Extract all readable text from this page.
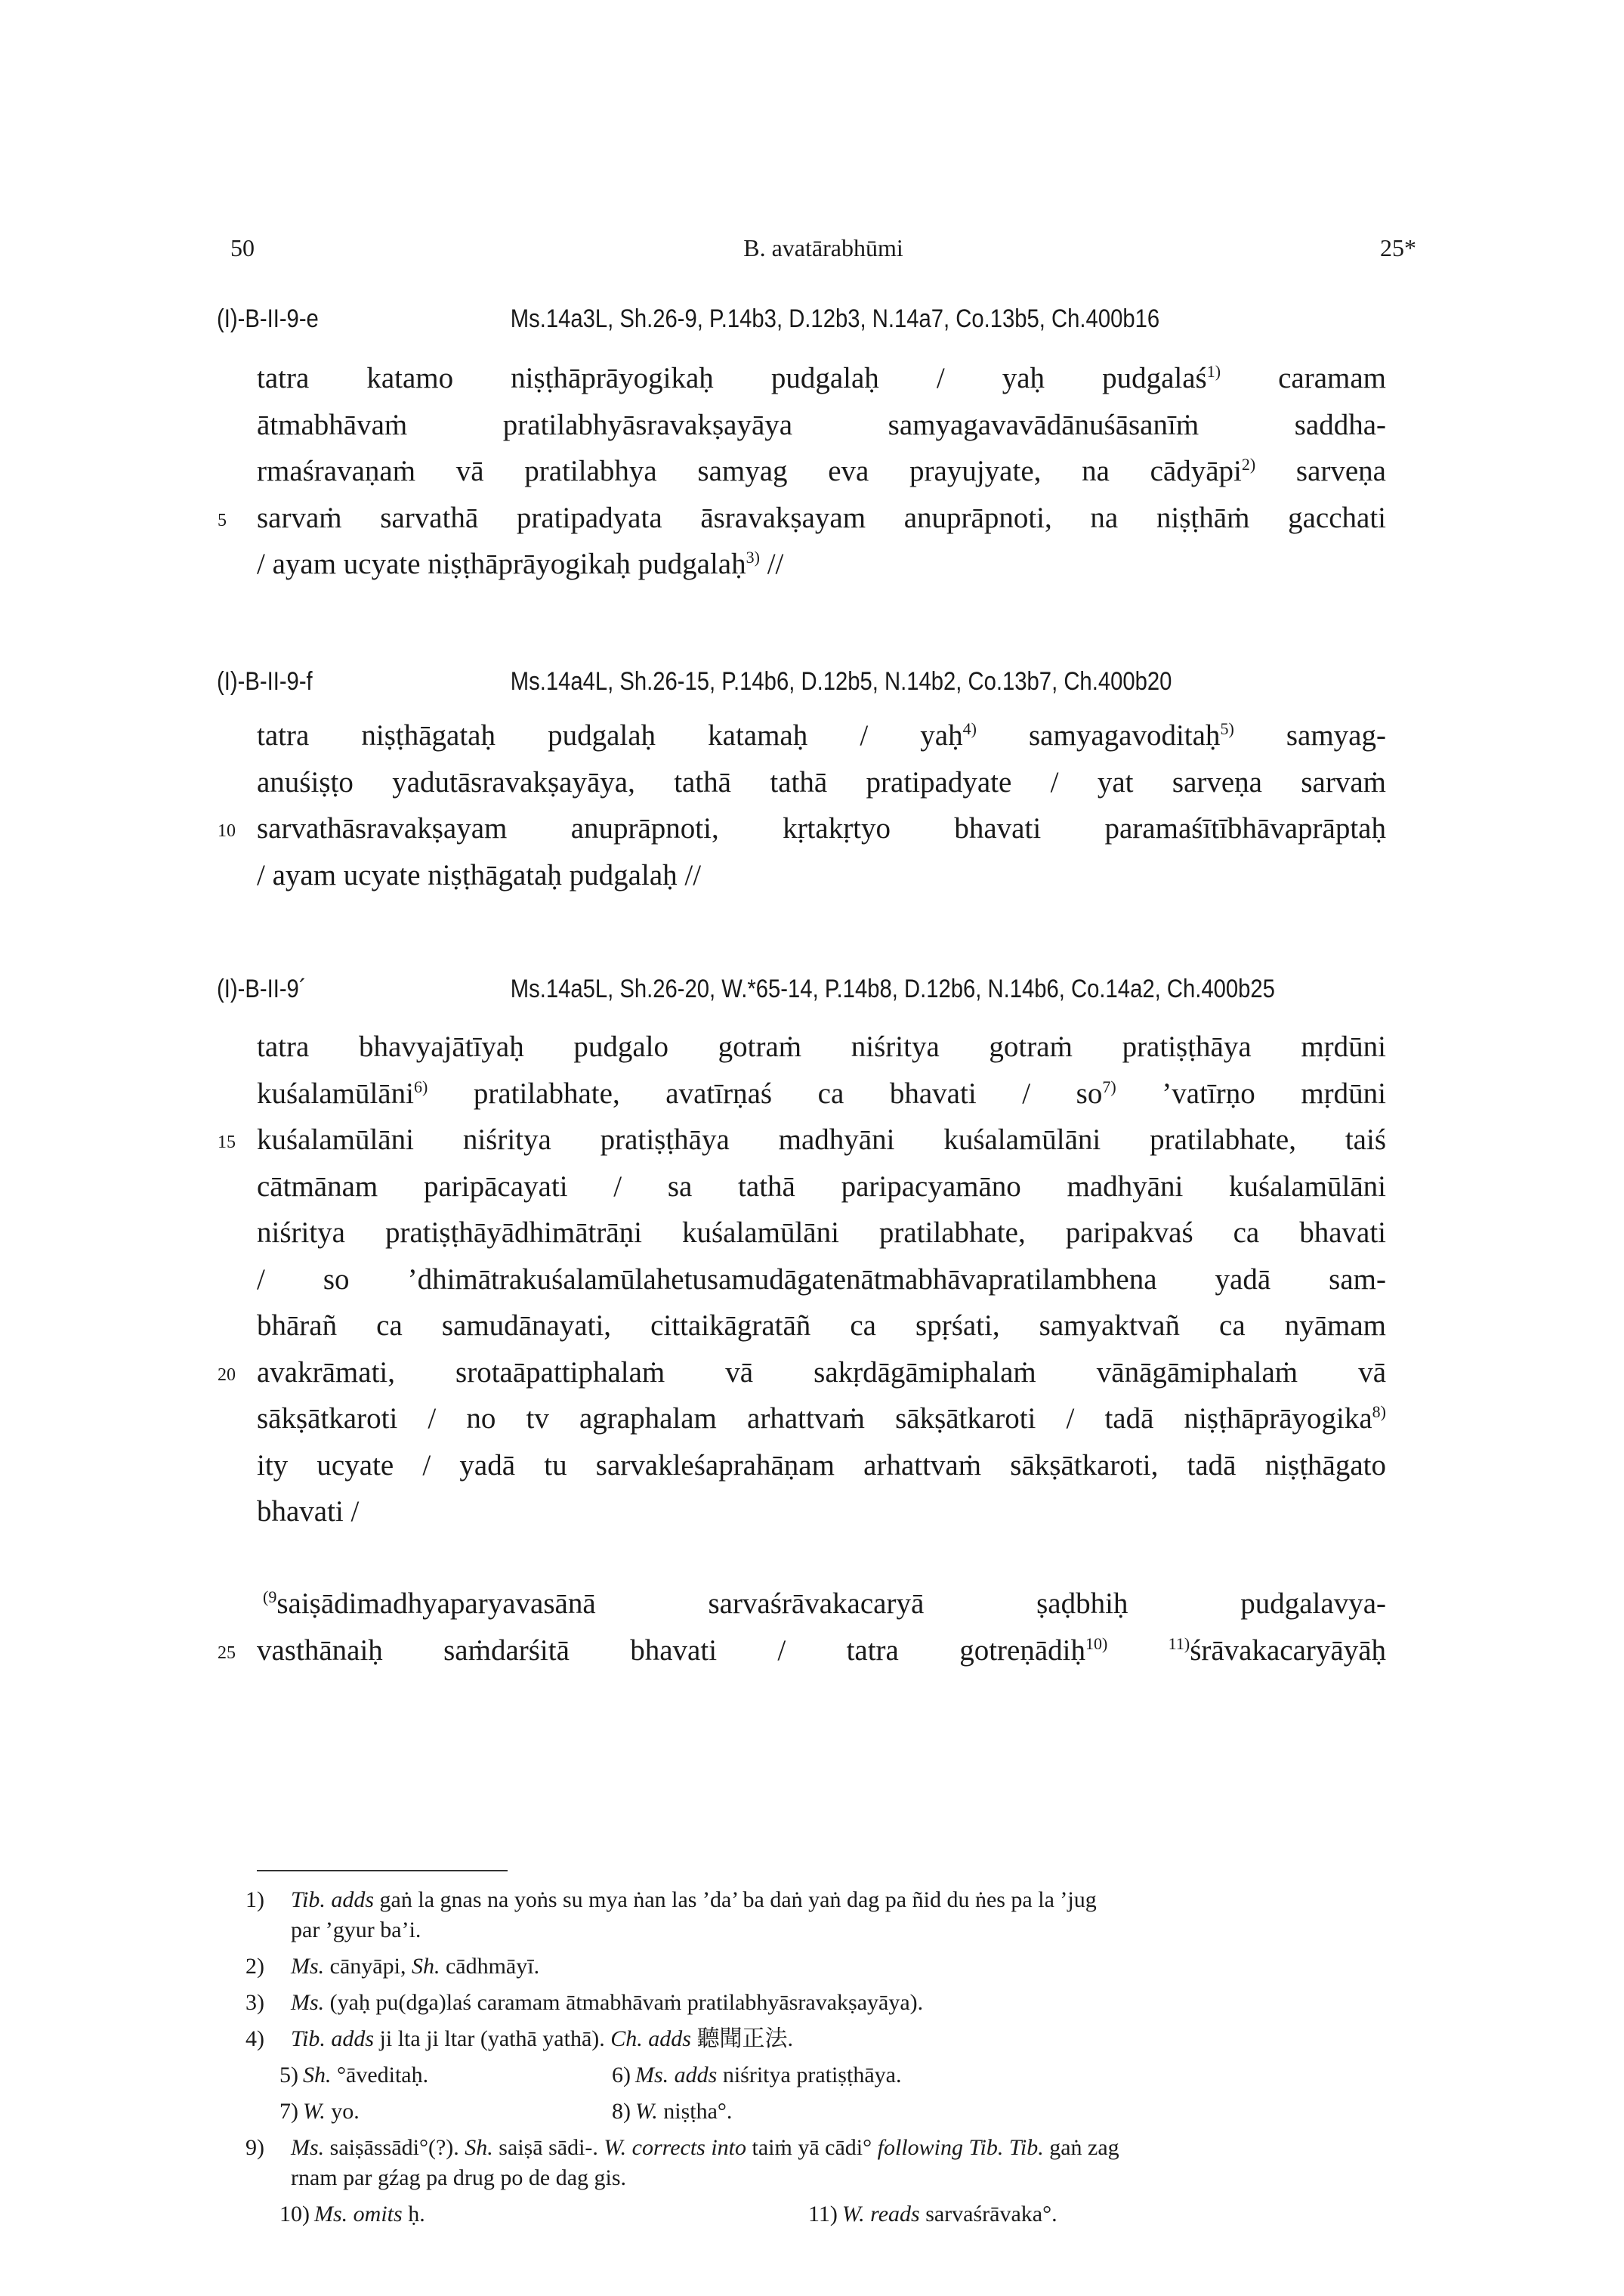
50	B. avatārabhūmi	25*
(I)-B-II-9-e	Ms.14a3L, Sh.26-9, P.14b3, D.12b3, N.14a7, Co.13b5, Ch.400b16
tatra katamo niṣṭhāprāyogikaḥ pudgalaḥ / yaḥ pudgalaś$^{1)}$ caramam
ātmabhāvaṁ pratilabhyāsravakṣayāya samyagavavādānuśāsanīṁ saddha-
rmaśravaṇaṁ vā pratilabhya samyag eva prayujyate, na cādyāpi$^{2)}$ sarveṇa
5 sarvaṁ sarvathā pratipadyata āsravakṣayam anuprāpnoti, na niṣṭhāṁ gacchati
/ ayam ucyate niṣṭhāprāyogikaḥ pudgalaḥ$^{3)}$ //
(I)-B-II-9-f	Ms.14a4L, Sh.26-15, P.14b6, D.12b5, N.14b2, Co.13b7, Ch.400b20
tatra niṣṭhāgataḥ pudgalaḥ katamaḥ / yaḥ$^{4)}$ samyagavoditaḥ$^{5)}$ samyag-
anuśiṣṭo yadutāsravakṣayāya, tathā tathā pratipadyate / yat sarveṇa sarvaṁ
10 sarvathāsravakṣayam anuprāpnoti, kṛtakṛtyo bhavati paramaśītībhāvaprāptaḥ
/ ayam ucyate niṣṭhāgataḥ pudgalaḥ //
(I)-B-II-9´	Ms.14a5L, Sh.26-20, W.*65-14, P.14b8, D.12b6, N.14b6, Co.14a2, Ch.400b25
tatra bhavyajātīyaḥ pudgalo gotraṁ niśritya gotraṁ pratiṣṭhāya mṛdūni
kuśalamūlāni$^{6)}$ pratilabhate, avatīrṇaś ca bhavati / $so^{7)}$ ’vatīrṇo mṛdūni
15 kuśalamūlāni niśritya pratiṣṭhāya madhyāni kuśalamūlāni pratilabhate, taiś
cātmānam paripācayati / sa tathā paripacyamāno madhyāni kuśalamūlāni
niśritya pratiṣṭhāyādhimātrāṇi kuśalamūlāni pratilabhate, paripakvaś ca bhavati
/ so ’dhimātrakuśalamūlahetusamudāgatenātmabhāvapratilambhena yadā sam-
bhārañ ca samudānayati, cittaikāgratāñ ca spṛśati, samyaktvañ ca nyāmam
20 avakrāmati, srotaāpattiphalaṁ vā sakṛdāgāmiphalaṁ vānāgāmiphalaṁ vā
sākṣātkaroti / no tv agraphalam arhattvaṁ sākṣātkaroti / tadā niṣṭhāprāyogika$^{8)}$
ity ucyate / yadā tu sarvakleśaprahāṇam arhattvaṁ sākṣātkaroti, tadā niṣṭhāgato
bhavati /
$^{(9}$saiṣādimadhyaparyavasānā sarvaśrāvakacaryā ṣaḍbhiḥ pudgalavya-
25 vasthānaiḥ saṁdarśitā bhavati / tatra gotreṇādiḥ$^{10)}$	$^{11)}$śrāvakacaryāyāḥ
1) Tib. adds gaṅ la gnas na yoṅs su mya ṅan las ’da’ ba daṅ yaṅ dag pa ñid du ṅes pa la ’jug
par ’gyur ba’i.
2) Ms. cānyāpi, Sh. cādhmāyī.
3) Ms. (yaḥ pu(dga)laś caramam ātmabhāvaṁ pratilabhyāsravakṣayāya).
4) Tib. adds ji lta ji ltar (yathā yathā). Ch. adds 聽聞正法.
5) Sh. °āveditaḥ.	6) Ms. adds niśritya pratiṣṭhāya.
7) W. yo.	8) W. niṣṭha°.
9) Ms. saiṣāssādi°(?). Sh. saiṣā sādi-. W. corrects into taiṁ yā cādi° following Tib. Tib. gaṅ zag
rnam par gźag pa drug po de dag gis.
10) Ms. omits ḥ.	11) W. reads sarvaśrāvaka°.
